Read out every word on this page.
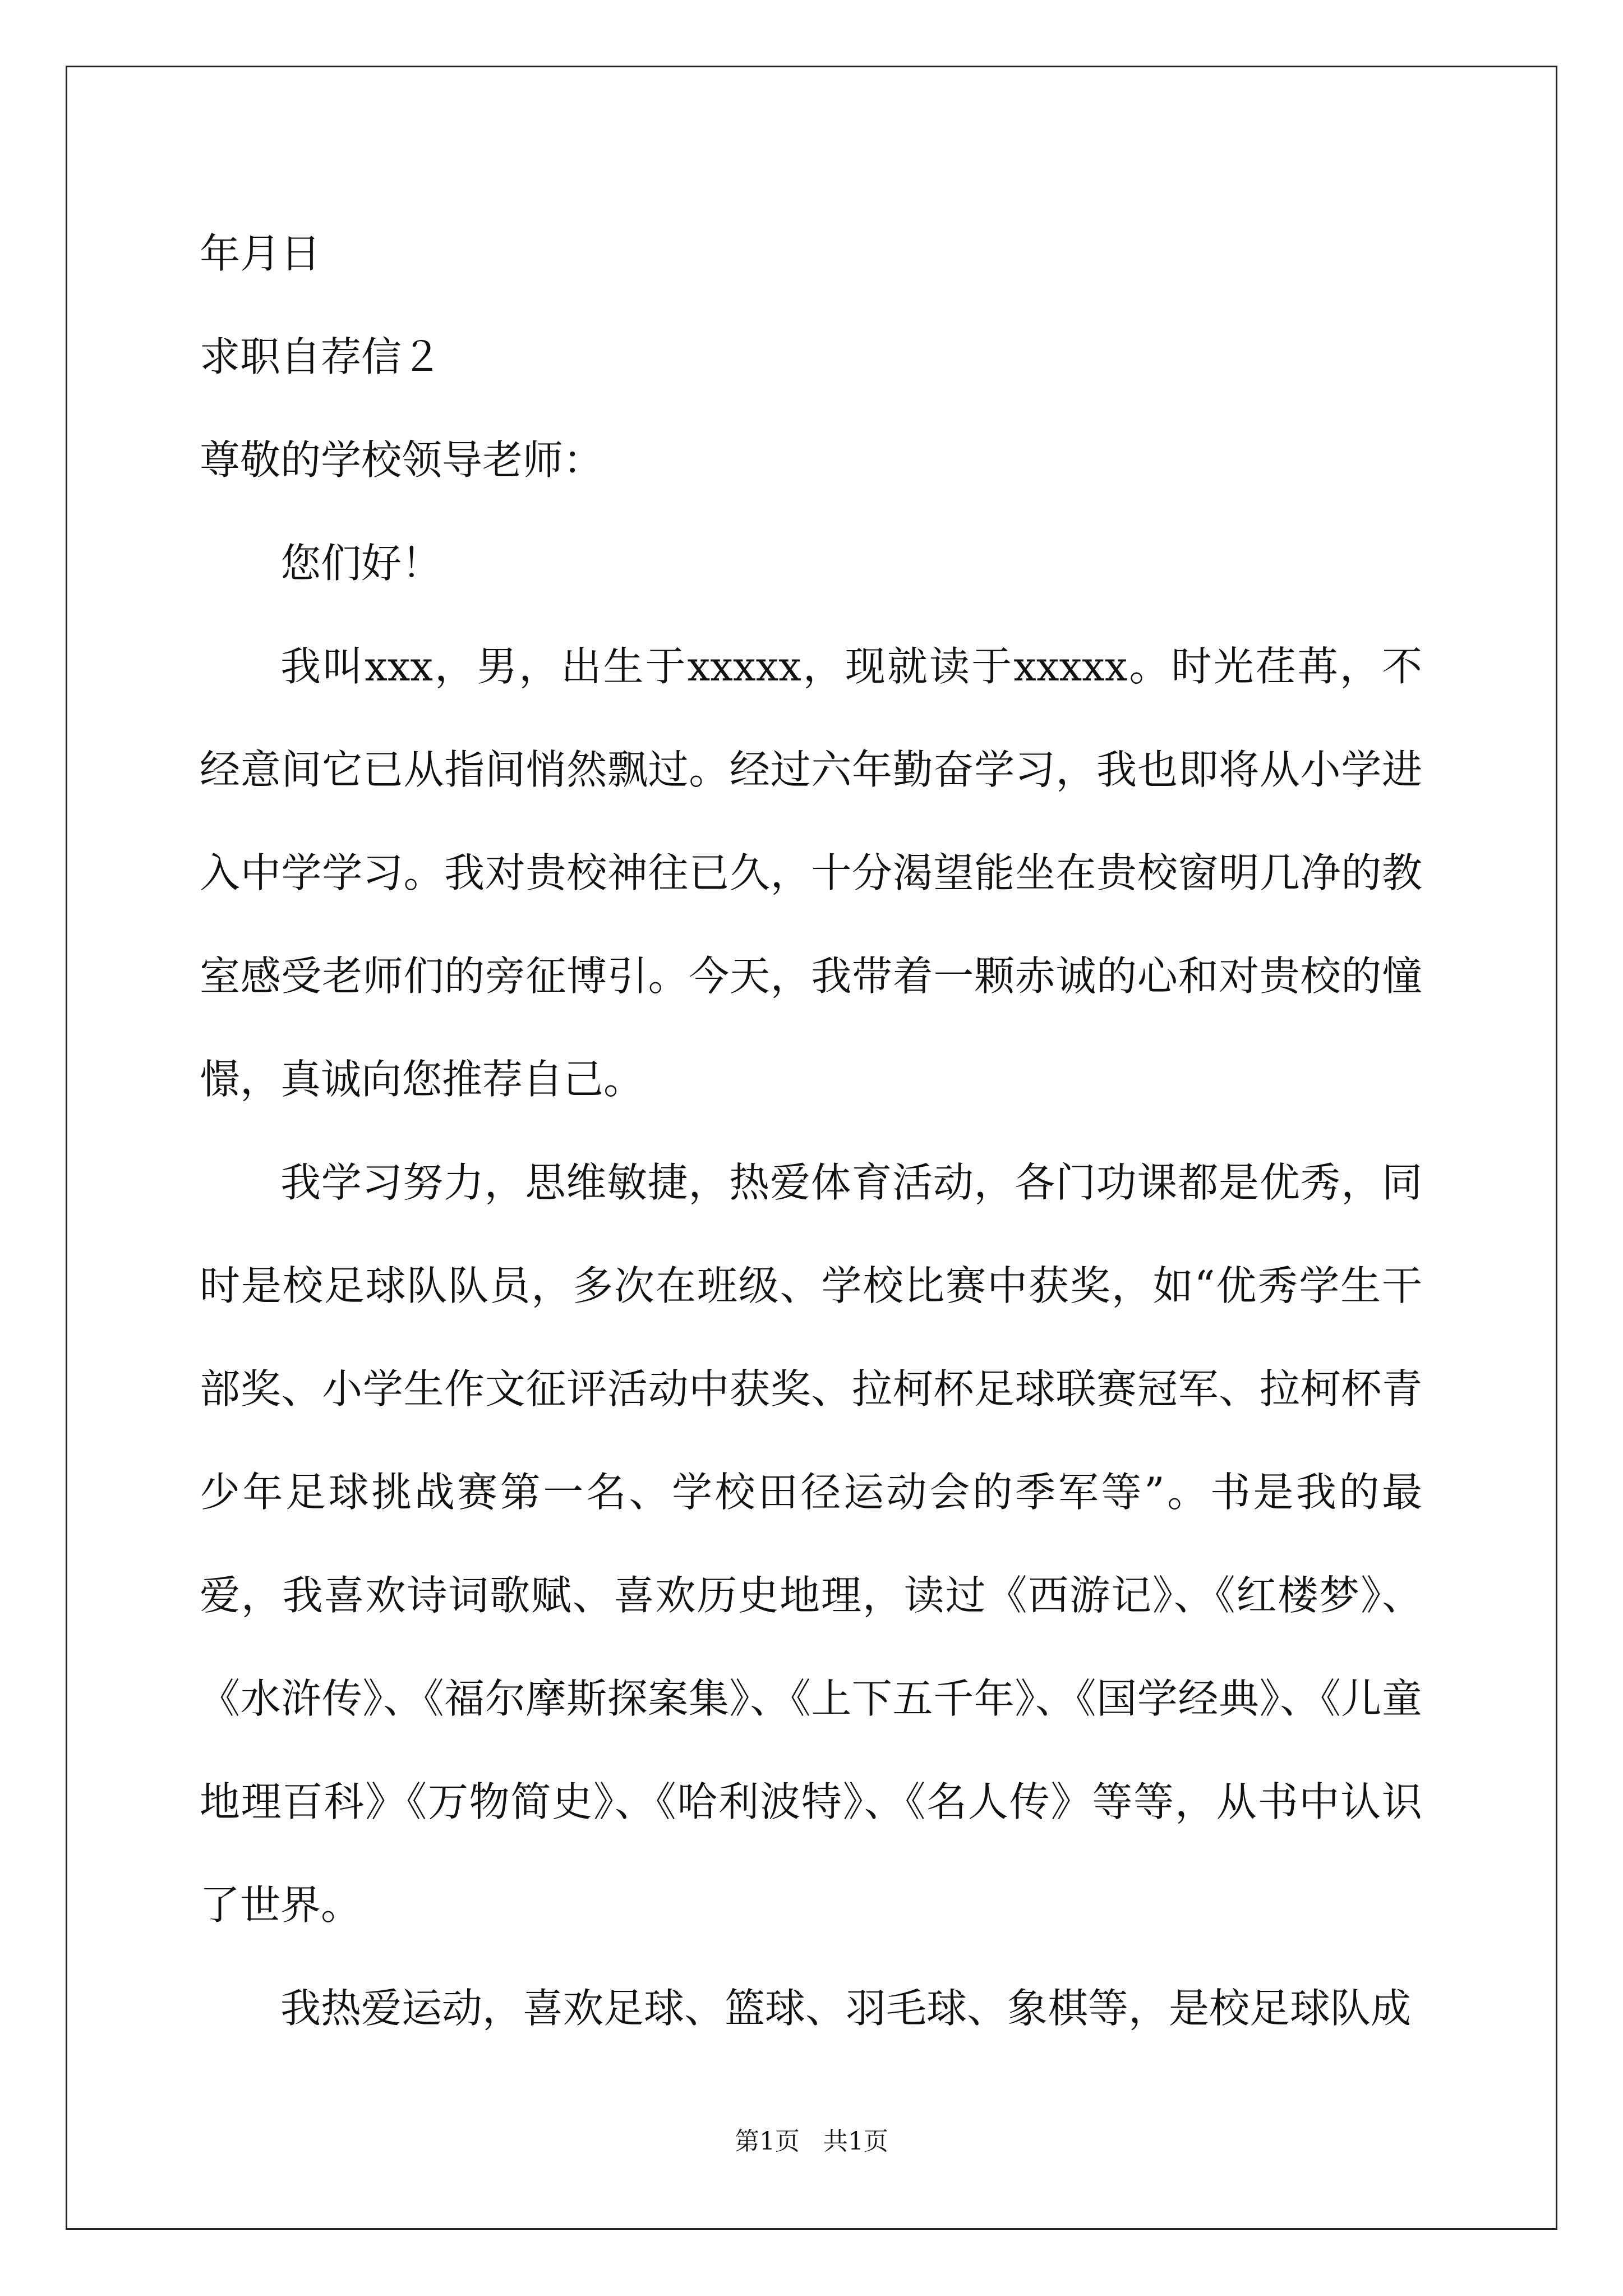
年月日
求职自荐信２
尊敬的学校领导老师：
您们好！

我叫xxx，男，出生于xxxxx，现就读于xxxxx。时光荏苒，不经意间它已从指间悄然飘过。经过六年勤奋学习，我也即将从小学进入中学学习。我对贵校神往已久，十分渴望能坐在贵校窗明几净的教室感受老师们的旁征博引。今天，我带着一颗赤诚的心和对贵校的憧憬，真诚向您推荐自己。

我学习努力，思维敏捷，热爱体育活动，各门功课都是优秀，同时是校足球队队员，多次在班级、学校比赛中获奖，如“优秀学生干部奖、小学生作文征评活动中获奖、拉柯杯足球联赛冠军、拉柯杯青少年足球挑战赛第一名、学校田径运动会的季军等”。书是我的最爱，我喜欢诗词歌赋、喜欢历史地理，读过《西游记》、《红楼梦》、《水浒传》、《福尔摩斯探案集》、《上下五千年》、《国学经典》、《儿童地理百科》《万物简史》、《哈利波特》、《名人传》等等，从书中认识了世界。

我热爱运动，喜欢足球、篮球、羽毛球、象棋等，是校足球队成

第1页   共1页
